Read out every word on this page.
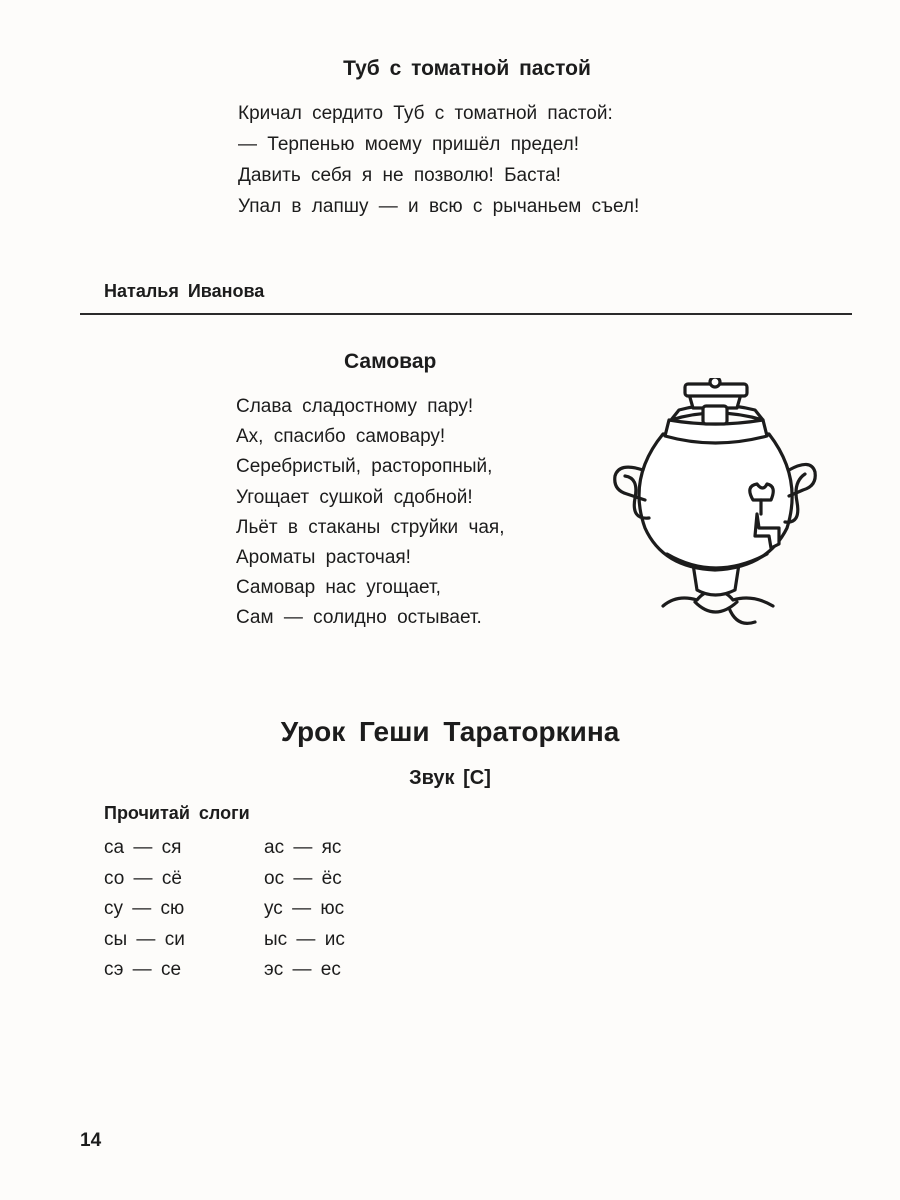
Туб с томатной пастой
Кричал сердито Туб с томатной пастой:
— Терпенью моему пришёл предел!
Давить себя я не позволю! Баста!
Упал в лапшу — и всю с рычаньем съел!
Наталья Иванова
Самовар
Слава сладостному пару!
Ах, спасибо самовару!
Серебристый, расторопный,
Угощает сушкой сдобной!
Льёт в стаканы струйки чая,
Ароматы расточая!
Самовар нас угощает,
Сам — солидно остывает.
Урок Геши Тараторкина
Звук [С]
Прочитай слоги
са — ся
со — сё
су — сю
сы — си
сэ — се
ас — яс
ос — ёс
ус — юс
ыс — ис
эс — ес
14
